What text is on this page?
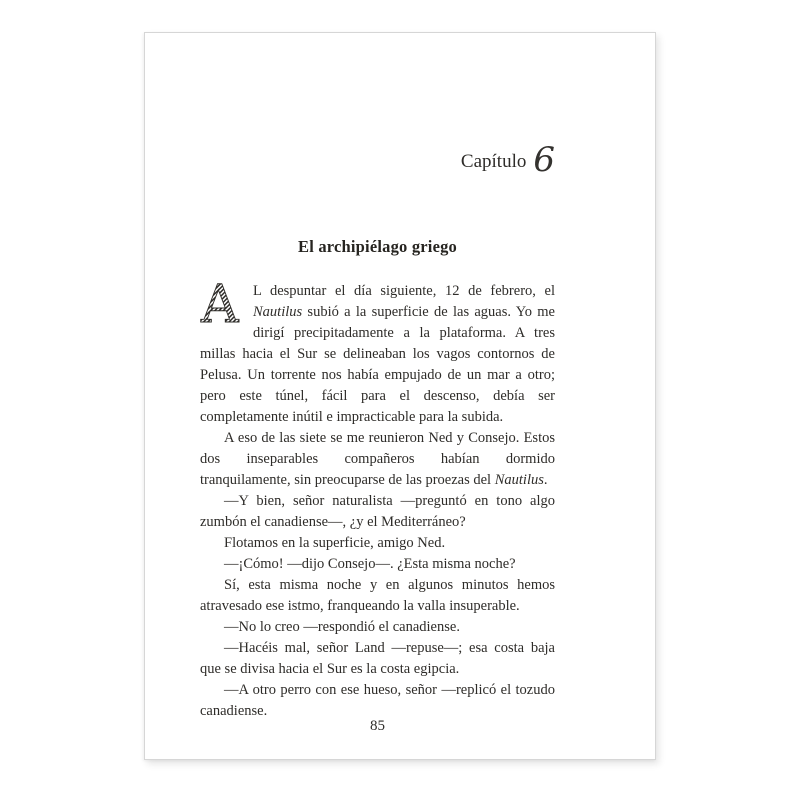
Capítulo 6
El archipiélago griego

A L despuntar el día siguiente, 12 de febrero, el Nautilus subió a la superficie de las aguas. Yo me dirigí precipitadamente a la plataforma. A tres millas hacia el Sur se delineaban los vagos contornos de Pelusa. Un torrente nos había empujado de un mar a otro; pero este túnel, fácil para el descenso, debía ser completamente inútil e impracticable para la subida.

A eso de las siete se me reunieron Ned y Consejo. Estos dos inseparables compañeros habían dormido tranquilamente, sin preocuparse de las proezas del Nautilus.

—Y bien, señor naturalista —preguntó en tono algo zumbón el canadiense—, ¿y el Mediterráneo?

Flotamos en la superficie, amigo Ned.

—¡Cómo! —dijo Consejo—. ¿Esta misma noche?

Sí, esta misma noche y en algunos minutos hemos atravesado ese istmo, franqueando la valla insuperable.

—No lo creo —respondió el canadiense.

—Hacéis mal, señor Land —repuse—; esa costa baja que se divisa hacia el Sur es la costa egipcia.

—A otro perro con ese hueso, señor —replicó el tozudo canadiense.

85
